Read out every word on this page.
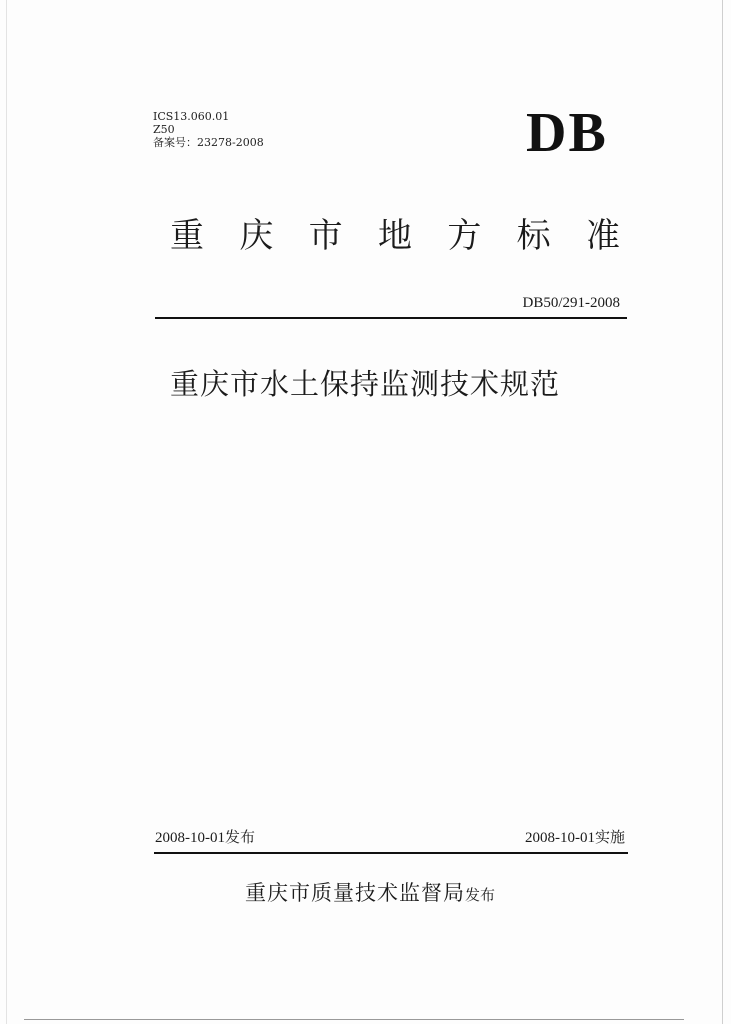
ICS13.060.01
Z50
备案号：23278-2008	DB
重 庆 市 地 方 标 准
DB50/291-2008
重庆市水土保持监测技术规范
2008-10-01发布	2008-10-01实施
重庆市质量技术监督局发布
